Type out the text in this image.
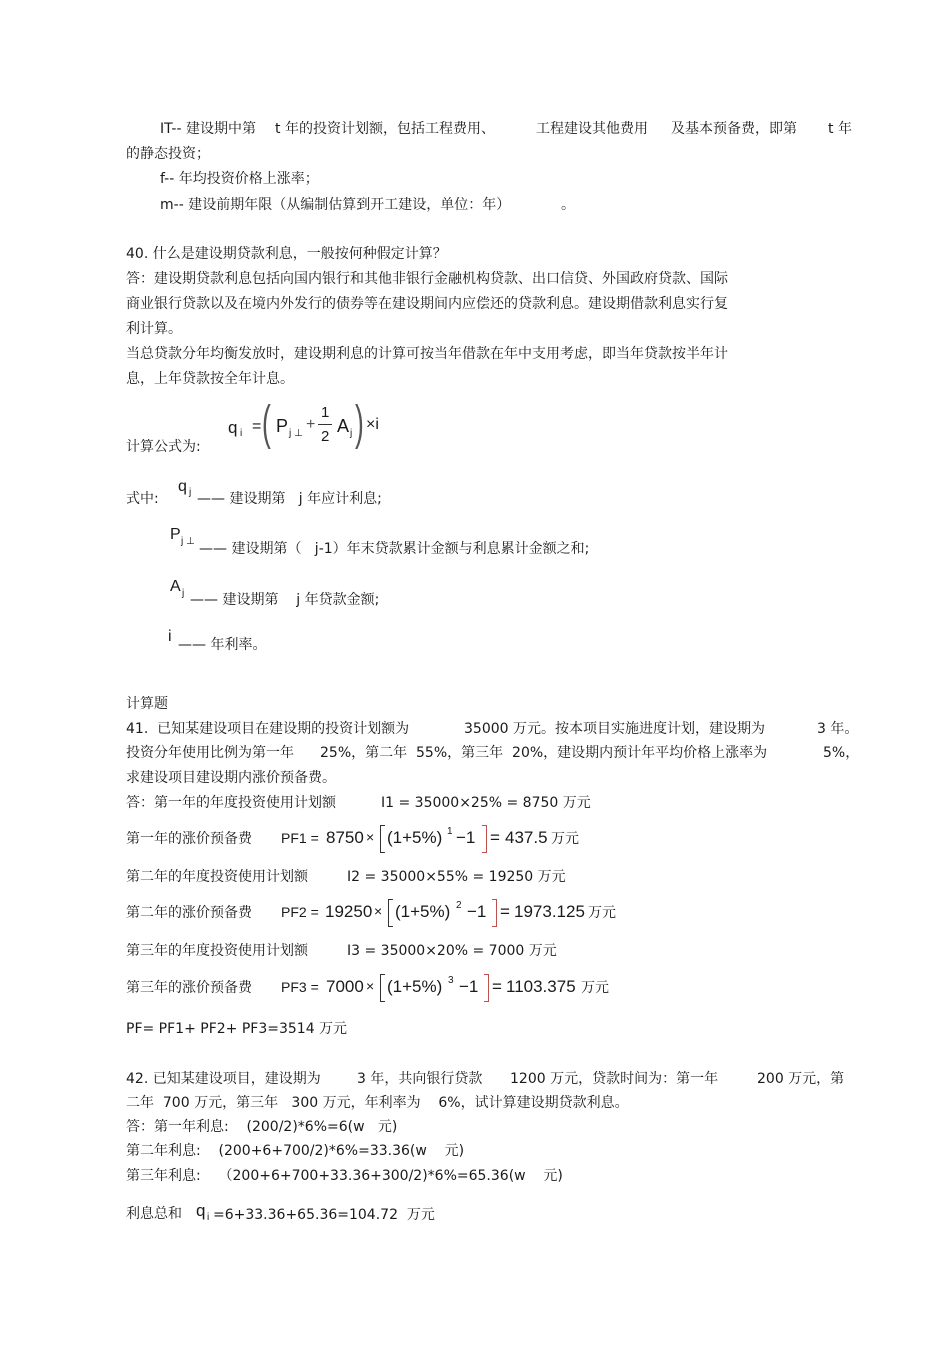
IT-- 建设期中第 t 年的投资计划额，包括工程费用、	工程建设其他费用 及基本预备费，即第 t 年
的静态投资；
f-- 年均投资价格上涨率；
m-- 建设前期年限（从编制估算到开工建设，单位：年）	。
40. 什么是建设期贷款利息，一般按何种假定计算？
答：建设期贷款利息包括向国内银行和其他非银行金融机构贷款、出口信贷、外国政府贷款、国际
商业银行贷款以及在境内外发行的债券等在建设期间内应偿还的贷款利息。建设期借款利息实行复
利计算。
当总贷款分年均衡发放时，建设期利息的计算可按当年借款在年中支用考虑，即当年贷款按半年计
息，上年贷款按全年计息。
计算公式为:
q i = ( P j ⊥
+
1
2
A j ) ×i
式中:
q j —— 建设期第   j 年应计利息;
P j ⊥ —— 建设期第（   j-1）年末贷款累计金额与利息累计金额之和;
A j —— 建设期第    j 年贷款金额;
i —— 年利率。
计算题
41.  已知某建设项目在建设期的投资计划额为	35000 万元。按本项目实施进度计划，建设期为	3 年。
投资分年使用比例为第一年 25%，第二年  55%，第三年  20%，建设期内预计年平均价格上涨率为	5%，
求建设项目建设期内涨价预备费。
答：第一年的年度投资使用计划额	I1 = 35000×25% = 8750 万元
第一年的涨价预备费 PF1 = 8750 × (1+5%) 1 −1 = 437.5 万元
第二年的年度投资使用计划额	I2 = 35000×55% = 19250 万元
第二年的涨价预备费 PF2 = 19250 × (1+5%) 2 −1 = 1973.125 万元
第三年的年度投资使用计划额	I3 = 35000×20% = 7000 万元
第三年的涨价预备费 PF3 = 7000 × (1+5%) 3 −1 = 1103.375 万元
PF= PF1+ PF2+ PF3=3514 万元
42. 已知某建设项目，建设期为	3 年，共向银行贷款 1200 万元，贷款时间为：第一年	200 万元，第
二年  700 万元，第三年   300 万元，年利率为    6%，试计算建设期贷款利息。
答：第一年利息:    (200/2)*6%=6(w   元)
第二年利息:    (200+6+700/2)*6%=33.36(w    元)
第三年利息:    （200+6+700+33.36+300/2)*6%=65.36(w    元)
利息总和 q i =6+33.36+65.36=104.72  万元
